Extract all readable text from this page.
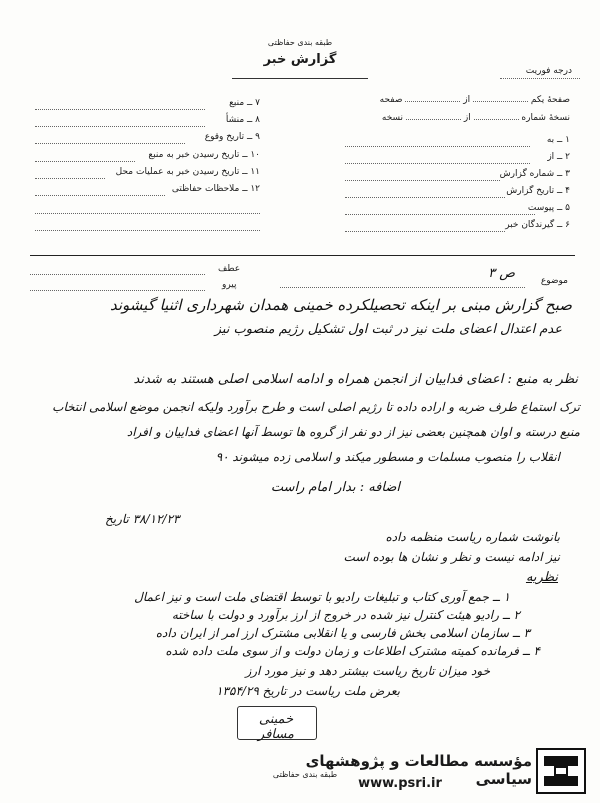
طبقه بندی حفاظتی
گزارش خبر
درجه فوریت
صفحهٔ یکم  از  صفحه
نسخهٔ شماره  از  نسخه
۱ ــ به
۲ ــ از
۳ ــ شماره گزارش
۴ ــ تاریخ گزارش
۵ ــ پیوست
۶ ــ گیرندگان خبر
۷ ــ منبع
۸ ــ منشأ
۹ ــ تاریخ وقوع
۱۰ ــ تاریخ رسیدن خبر به منبع
۱۱ ــ تاریخ رسیدن خبر به عملیات محل
۱۲ ــ ملاحظات حفاظتی
موضوع
ص ۳
عطف
پیرو
صبح گزارش مبنی بر اینکه تحصیلکرده خمینی همدان شهرداری اثنیا گیشوند
عدم اعتدال اعضای ملت نیز در ثبت اول تشکیل رژیم منصوب نیز
نظر به منبع : اعضای فداییان از انجمن همراه و ادامه اسلامی اصلی هستند به شدند
ترک استماع طرف ضربه و اراده داده تا رژیم اصلی است و طرح برآورد ولیکه انجمن موضع اسلامی انتخاب
منبع درسته و اوان همچنین بعضی نیز از دو نفر از گروه ها توسط آنها اعضای فداییان و افراد
انقلاب را منصوب مسلمات و مسطور میکند و اسلامی زده میشوند ۹۰
اضافه : بدار امام راست
۳۸/۱۲/۲۳ تاریخ
بانوشت شماره ریاست منظمه داده
نیز ادامه نیست و نظر و نشان ها بوده است
نظریه
۱ ــ جمع آوری کتاب و تبلیغات رادیو با توسط اقتضای ملت است و نیز اعمال
۲ ــ رادیو هیئت کنترل نیز شده در خروج از ارز برآورد و دولت با ساخته
۳ ــ سازمان اسلامی بخش فارسی و یا انقلابی مشترک ارز امر از ایران داده
۴ ــ فرمانده کمیته مشترک اطلاعات و زمان دولت و از سوی ملت داده شده
خود میزان تاریخ ریاست بیشتر دهد و نیز مورد ارز
بعرض ملت ریاست در تاریخ ۱۳۵۴/۲۹
خمینی مسافر
طبقه بندی حفاظتی
مؤسسه مطالعات و پژوهشهای سیاسی
www.psri.ir
